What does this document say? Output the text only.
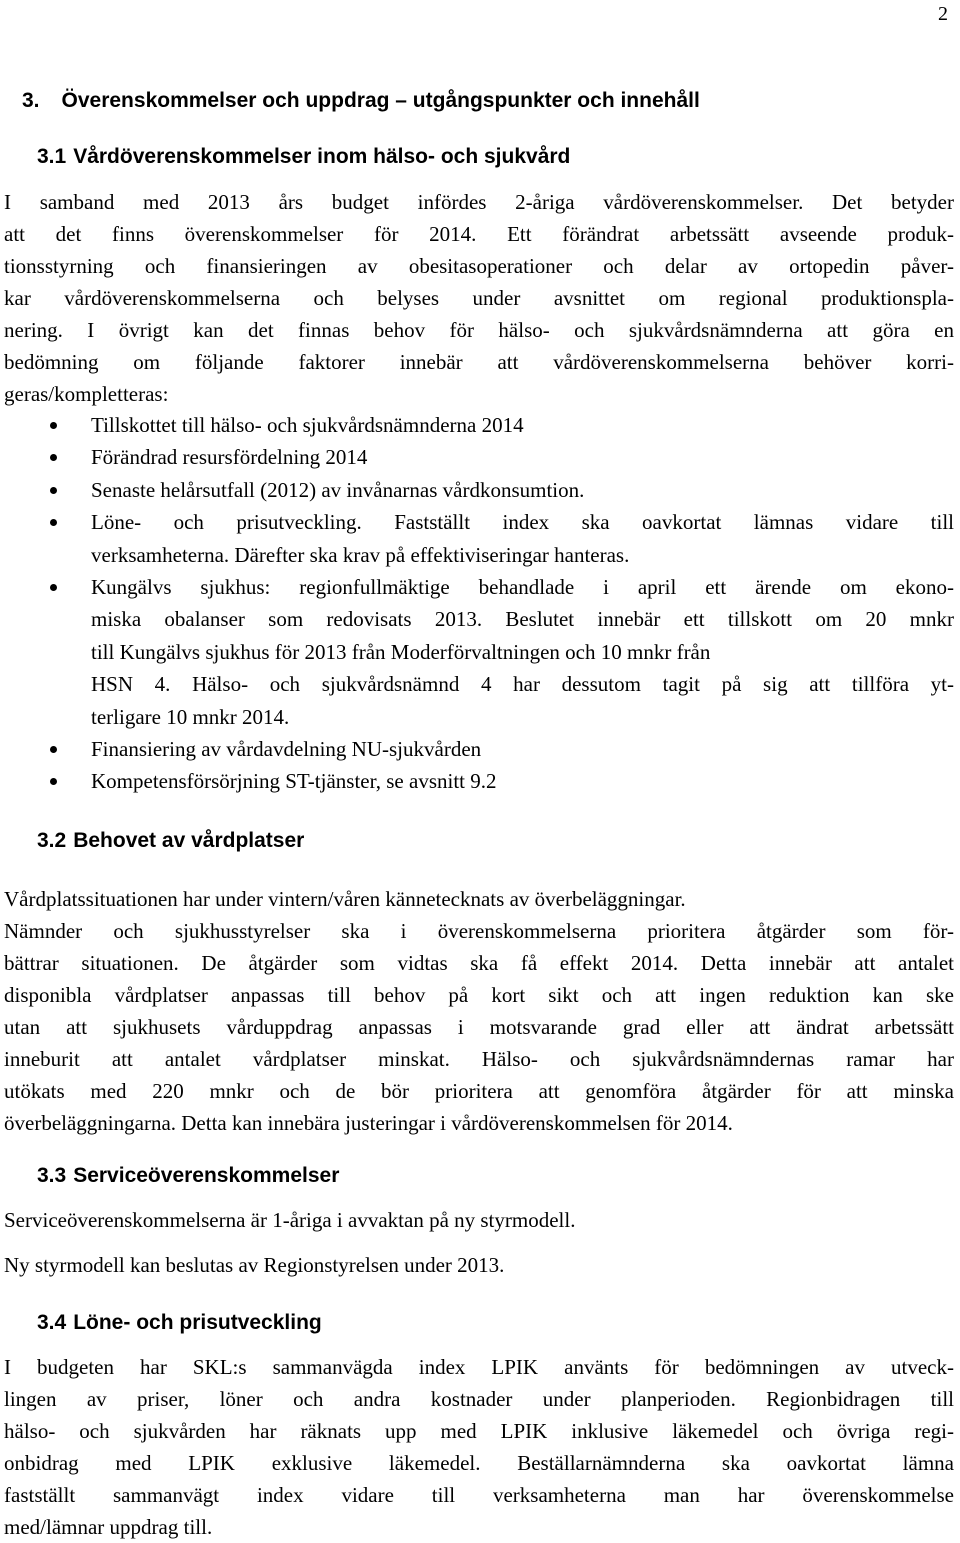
2
3. Överenskommelser och uppdrag – utgångspunkter och innehåll
3.1 Vårdöverenskommelser inom hälso- och sjukvård
I samband med 2013 års budget infördes 2-åriga vårdöverenskommelser. Det betyder
att det finns överenskommelser för 2014. Ett förändrat arbetssätt avseende produk-
tionsstyrning och finansieringen av obesitasoperationer och delar av ortopedin påver-
kar vårdöverenskommelserna och belyses under avsnittet om regional produktionspla-
nering. I övrigt kan det finnas behov för hälso- och sjukvårdsnämnderna att göra en
bedömning om följande faktorer innebär att vårdöverenskommelserna behöver korri-
geras/kompletteras:
Tillskottet till hälso- och sjukvårdsnämnderna 2014
Förändrad resursfördelning 2014
Senaste helårsutfall (2012) av invånarnas vårdkonsumtion.
Löne- och prisutveckling. Fastställt index ska oavkortat lämnas vidare till
verksamheterna. Därefter ska krav på effektiviseringar hanteras.
Kungälvs sjukhus: regionfullmäktige behandlade i april ett ärende om ekono-
miska obalanser som redovisats 2013. Beslutet innebär ett tillskott om 20 mnkr
till Kungälvs sjukhus för 2013 från Moderförvaltningen och 10 mnkr från
HSN 4. Hälso- och sjukvårdsnämnd 4 har dessutom tagit på sig att tillföra yt-
terligare 10 mnkr 2014.
Finansiering av vårdavdelning NU-sjukvården
Kompetensförsörjning ST-tjänster, se avsnitt 9.2
3.2 Behovet av vårdplatser
Vårdplatssituationen har under vintern/våren kännetecknats av överbeläggningar.
Nämnder och sjukhusstyrelser ska i överenskommelserna prioritera åtgärder som för-
bättrar situationen. De åtgärder som vidtas ska få effekt 2014. Detta innebär att antalet
disponibla vårdplatser anpassas till behov på kort sikt och att ingen reduktion kan ske
utan att sjukhusets vårduppdrag anpassas i motsvarande grad eller att ändrat arbetssätt
inneburit att antalet vårdplatser minskat. Hälso- och sjukvårdsnämndernas ramar har
utökats med 220 mnkr och de bör prioritera att genomföra åtgärder för att minska
överbeläggningarna. Detta kan innebära justeringar i vårdöverenskommelsen för 2014.
3.3 Serviceöverenskommelser
Serviceöverenskommelserna är 1-åriga i avvaktan på ny styrmodell.
Ny styrmodell kan beslutas av Regionstyrelsen under 2013.
3.4 Löne- och prisutveckling
I budgeten har SKL:s sammanvägda index LPIK använts för bedömningen av utveck-
lingen av priser, löner och andra kostnader under planperioden. Regionbidragen till
hälso- och sjukvården har räknats upp med LPIK inklusive läkemedel och övriga regi-
onbidrag med LPIK exklusive läkemedel. Beställarnämnderna ska oavkortat lämna
fastställt sammanvägt index vidare till verksamheterna man har överenskommelse
med/lämnar uppdrag till.
